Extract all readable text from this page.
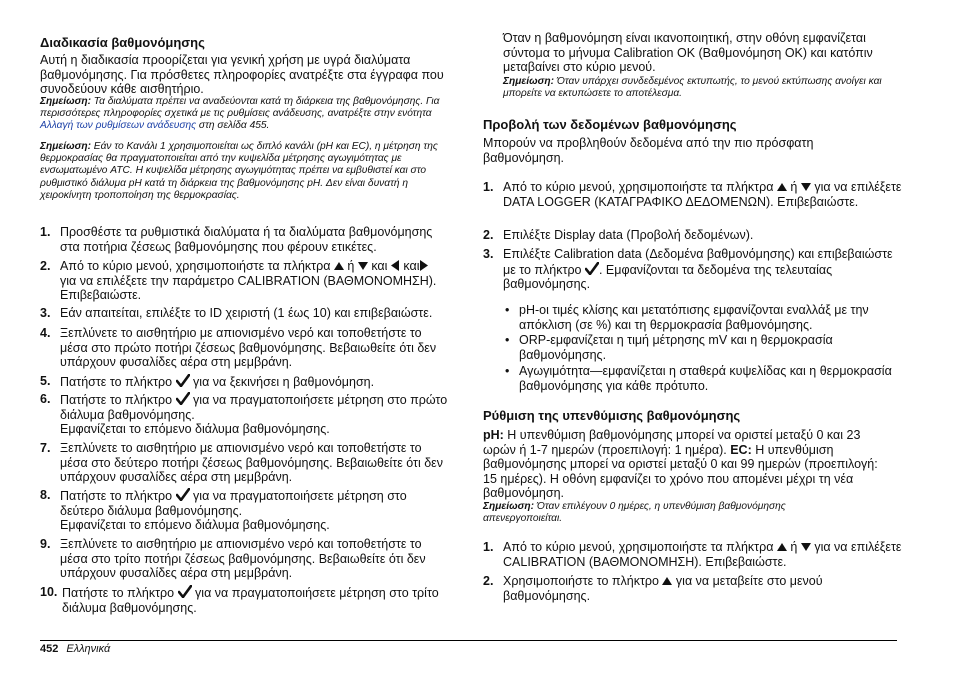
Διαδικασία βαθμονόμησης

Αυτή η διαδικασία προορίζεται για γενική χρήση με υγρά διαλύματα βαθμονόμησης. Για πρόσθετες πληροφορίες ανατρέξτε στα έγγραφα που συνοδεύουν κάθε αισθητήριο.

Σημείωση: Τα διαλύματα πρέπει να αναδεύονται κατά τη διάρκεια της βαθμονόμησης. Για περισσότερες πληροφορίες σχετικά με τις ρυθμίσεις ανάδευσης, ανατρέξτε στην ενότητα Αλλαγή των ρυθμίσεων ανάδευσης στη σελίδα 455.

Σημείωση: Εάν το Κανάλι 1 χρησιμοποιείται ως διπλό κανάλι (pH και EC), η μέτρηση της θερμοκρασίας θα πραγματοποιείται από την κυψελίδα μέτρησης αγωγιμότητας με ενσωματωμένο ATC. Η κυψελίδα μέτρησης αγωγιμότητας πρέπει να εμβυθιστεί και στο ρυθμιστικό διάλυμα pH κατά τη διάρκεια της βαθμονόμησης pH. Δεν είναι δυνατή η χειροκίνητη τροποποίηση της θερμοκρασίας.

1. Προσθέστε τα ρυθμιστικά διαλύματα ή τα διαλύματα βαθμονόμησης στα ποτήρια ζέσεως βαθμονόμησης που φέρουν ετικέτες.
2. Από το κύριο μενού, χρησιμοποιήστε τα πλήκτρα  ή  και  και
για να επιλέξετε την παράμετρο CALIBRATION (ΒΑΘΜΟΝΟΜΗΣΗ). Επιβεβαιώστε.
3. Εάν απαιτείται, επιλέξτε το ID χειριστή (1 έως 10) και επιβεβαιώστε.
4. Ξεπλύνετε το αισθητήριο με απιονισμένο νερό και τοποθετήστε το μέσα στο πρώτο ποτήρι ζέσεως βαθμονόμησης. Βεβαιωθείτε ότι δεν υπάρχουν φυσαλίδες αέρα στη μεμβράνη.
5. Πατήστε το πλήκτρο  για να ξεκινήσει η βαθμονόμηση.
6. Πατήστε το πλήκτρο  για να πραγματοποιήσετε μέτρηση στο πρώτο διάλυμα βαθμονόμησης.
Εμφανίζεται το επόμενο διάλυμα βαθμονόμησης.
7. Ξεπλύνετε το αισθητήριο με απιονισμένο νερό και τοποθετήστε το μέσα στο δεύτερο ποτήρι ζέσεως βαθμονόμησης. Βεβαιωθείτε ότι δεν υπάρχουν φυσαλίδες αέρα στη μεμβράνη.
8. Πατήστε το πλήκτρο  για να πραγματοποιήσετε μέτρηση στο δεύτερο διάλυμα βαθμονόμησης.
Εμφανίζεται το επόμενο διάλυμα βαθμονόμησης.
9. Ξεπλύνετε το αισθητήριο με απιονισμένο νερό και τοποθετήστε το μέσα στο τρίτο ποτήρι ζέσεως βαθμονόμησης. Βεβαιωθείτε ότι δεν υπάρχουν φυσαλίδες αέρα στη μεμβράνη.
10. Πατήστε το πλήκτρο  για να πραγματοποιήσετε μέτρηση στο τρίτο διάλυμα βαθμονόμησης.

Όταν η βαθμονόμηση είναι ικανοποιητική, στην οθόνη εμφανίζεται σύντομα το μήνυμα Calibration OK (Βαθμονόμηση OK) και κατόπιν μεταβαίνει στο κύριο μενού.

Σημείωση: Όταν υπάρχει συνδεδεμένος εκτυπωτής, το μενού εκτύπωσης ανοίγει και μπορείτε να εκτυπώσετε το αποτέλεσμα.

Προβολή των δεδομένων βαθμονόμησης

Μπορούν να προβληθούν δεδομένα από την πιο πρόσφατη βαθμονόμηση.

1. Από το κύριο μενού, χρησιμοποιήστε τα πλήκτρα  ή  για να επιλέξετε DATA LOGGER (ΚΑΤΑΓΡΑΦΙΚΟ ΔΕΔΟΜΕΝΩΝ). Επιβεβαιώστε.
2. Επιλέξτε Display data (Προβολή δεδομένων).
3. Επιλέξτε Calibration data (Δεδομένα βαθμονόμησης) και επιβεβαιώστε με το πλήκτρο . Εμφανίζονται τα δεδομένα της τελευταίας βαθμονόμησης.
• pH-οι τιμές κλίσης και μετατόπισης εμφανίζονται εναλλάξ με την απόκλιση (σε %) και τη θερμοκρασία βαθμονόμησης.
• ORP-εμφανίζεται η τιμή μέτρησης mV και η θερμοκρασία βαθμονόμησης.
• Αγωγιμότητα—εμφανίζεται η σταθερά κυψελίδας και η θερμοκρασία βαθμονόμησης για κάθε πρότυπο.

Ρύθμιση της υπενθύμισης βαθμονόμησης

pH: Η υπενθύμιση βαθμονόμησης μπορεί να οριστεί μεταξύ 0 και 23 ωρών ή 1-7 ημερών (προεπιλογή: 1 ημέρα). EC: Η υπενθύμιση βαθμονόμησης μπορεί να οριστεί μεταξύ 0 και 99 ημερών (προεπιλογή: 15 ημέρες). Η οθόνη εμφανίζει το χρόνο που απομένει μέχρι τη νέα βαθμονόμηση.

Σημείωση: Όταν επιλέγουν 0 ημέρες, η υπενθύμιση βαθμονόμησης απενεργοποιείται.

1. Από το κύριο μενού, χρησιμοποιήστε τα πλήκτρα  ή  για να επιλέξετε CALIBRATION (ΒΑΘΜΟΝΟΜΗΣΗ). Επιβεβαιώστε.
2. Χρησιμοποιήστε το πλήκτρο  για να μεταβείτε στο μενού βαθμονόμησης.
452 Ελληνικά
